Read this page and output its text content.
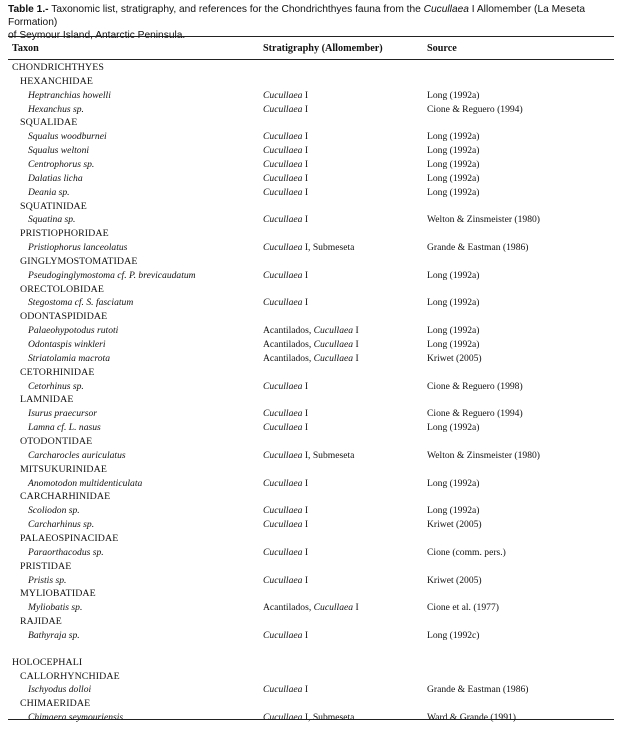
Table 1.- Taxonomic list, stratigraphy, and references for the Chondrichthyes fauna from the Cucullaea I Allomember (La Meseta Formation)
of Seymour Island, Antarctic Peninsula.
Taxon	Stratigraphy (Allomember)	Source
CHONDRICHTHYES
HEXANCHIDAE
Heptranchias howelli	Cucullaea I	Long (1992a)
Hexanchus sp.	Cucullaea I	Cione & Reguero (1994)
SQUALIDAE
Squalus woodburnei	Cucullaea I	Long (1992a)
Squalus weltoni	Cucullaea I	Long (1992a)
Centrophorus sp.	Cucullaea I	Long (1992a)
Dalatias licha	Cucullaea I	Long (1992a)
Deania sp.	Cucullaea I	Long (1992a)
SQUATINIDAE
Squatina sp.	Cucullaea I	Welton & Zinsmeister (1980)
PRISTIOPHORIDAE
Pristiophorus lanceolatus	Cucullaea I, Submeseta	Grande & Eastman (1986)
GINGLYMOSTOMATIDAE
Pseudoginglymostoma cf. P. brevicaudatum	Cucullaea I	Long (1992a)
ORECTOLOBIDAE
Stegostoma cf. S. fasciatum	Cucullaea I	Long (1992a)
ODONTASPIDIDAE
Palaeohypotodus rutoti	Acantilados, Cucullaea I	Long (1992a)
Odontaspis winkleri	Acantilados, Cucullaea I	Long (1992a)
Striatolamia macrota	Acantilados, Cucullaea I	Kriwet (2005)
CETORHINIDAE
Cetorhinus sp.	Cucullaea I	Cione & Reguero (1998)
LAMNIDAE
Isurus praecursor	Cucullaea I	Cione & Reguero (1994)
Lamna cf. L. nasus	Cucullaea I	Long (1992a)
OTODONTIDAE
Carcharocles auriculatus	Cucullaea I, Submeseta	Welton & Zinsmeister (1980)
MITSUKURINIDAE
Anomotodon multidenticulata	Cucullaea I	Long (1992a)
CARCHARHINIDAE
Scoliodon sp.	Cucullaea I	Long (1992a)
Carcharhinus sp.	Cucullaea I	Kriwet (2005)
PALAEOSPINACIDAE
Paraorthacodus sp.	Cucullaea I	Cione (comm. pers.)
PRISTIDAE
Pristis sp.	Cucullaea I	Kriwet (2005)
MYLIOBATIDAE
Myliobatis sp.	Acantilados, Cucullaea I	Cione et al. (1977)
RAJIDAE
Bathyraja sp.	Cucullaea I	Long (1992c)
HOLOCEPHALI
CALLORHYNCHIDAE
Ischyodus dolloi	Cucullaea I	Grande & Eastman (1986)
CHIMAERIDAE
Chimaera seymouriensis	Cucullaea I, Submeseta	Ward & Grande (1991)
